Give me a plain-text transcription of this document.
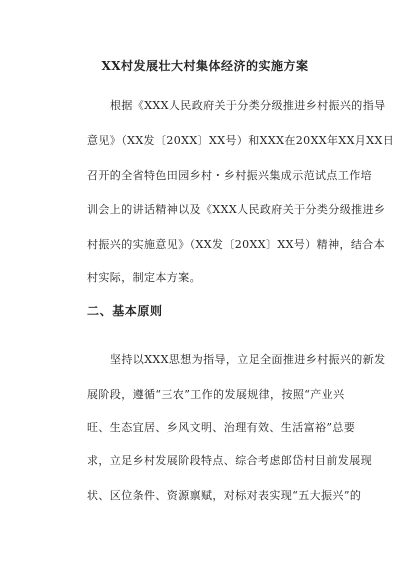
XX村发展壮大村集体经济的实施方案
根据《XXX人民政府关于分类分级推进乡村振兴的指导
意见》（XX发〔20XX〕XX号）和XXX在20XX年XX月XX日
召开的全省特色田园乡村・乡村振兴集成示范试点工作培
训会上的讲话精神以及《XXX人民政府关于分类分级推进乡
村振兴的实施意见》（XX发〔20XX〕XX号）精神，结合本
村实际，制定本方案。
二、基本原则
坚持以XXX思想为指导，立足全面推进乡村振兴的新发
展阶段，遵循“三农”工作的发展规律，按照“产业兴
旺、生态宜居、乡风文明、治理有效、生活富裕”总要
求，立足乡村发展阶段特点、综合考虑郎岱村目前发展现
状、区位条件、资源禀赋，对标对表实现“五大振兴”的
